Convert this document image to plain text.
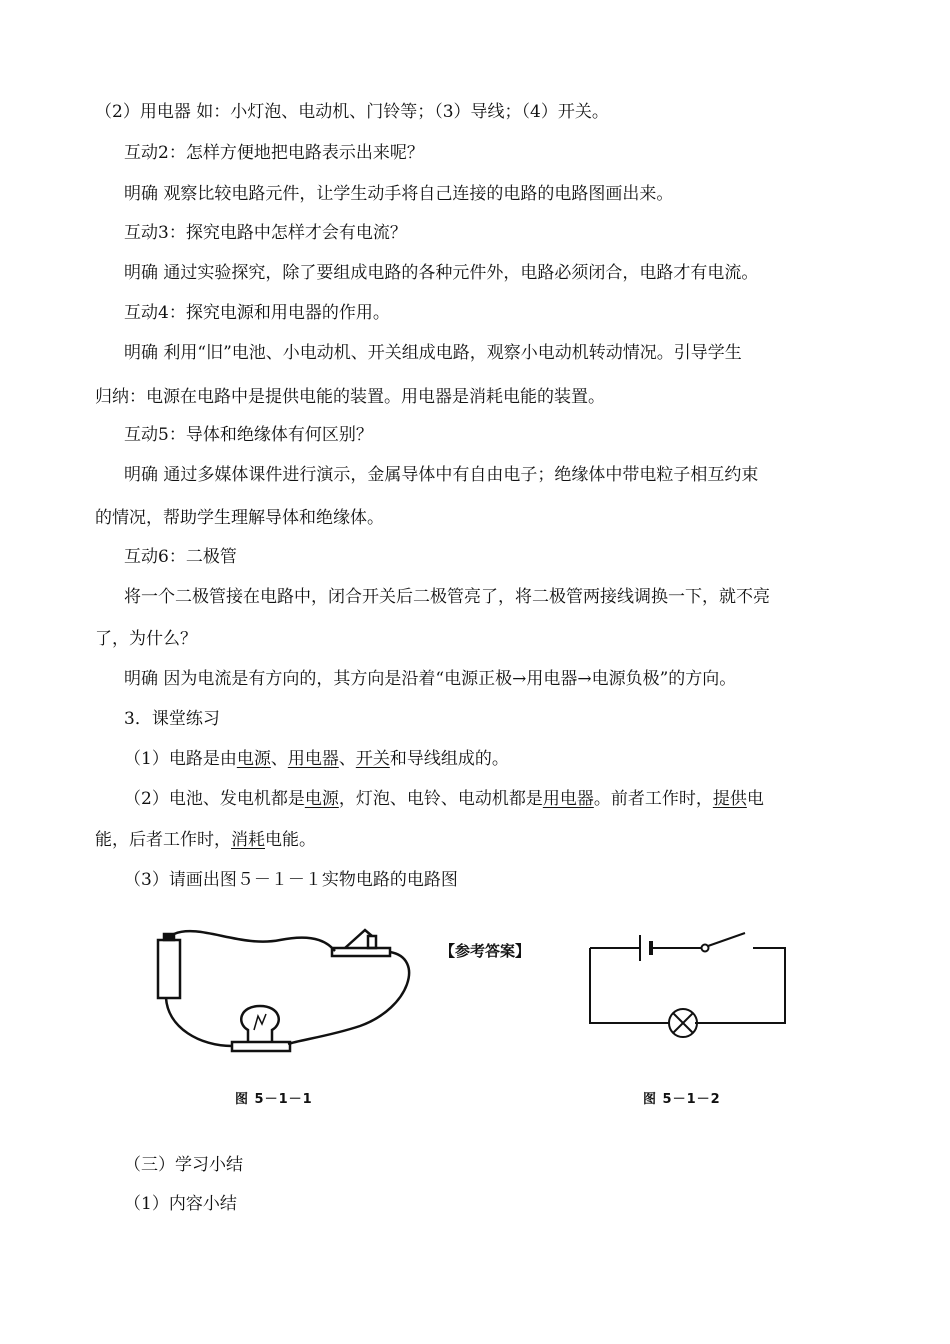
（2）用电器 如：小灯泡、电动机、门铃等；（3）导线；（4）开关。
互动2：怎样方便地把电路表示出来呢？
明确 观察比较电路元件，让学生动手将自己连接的电路的电路图画出来。
互动3：探究电路中怎样才会有电流？
明确 通过实验探究，除了要组成电路的各种元件外，电路必须闭合，电路才有电流。
互动4：探究电源和用电器的作用。
明确 利用“旧”电池、小电动机、开关组成电路，观察小电动机转动情况。引导学生
归纳：电源在电路中是提供电能的装置。用电器是消耗电能的装置。
互动5：导体和绝缘体有何区别？
明确 通过多媒体课件进行演示，金属导体中有自由电子；绝缘体中带电粒子相互约束
的情况，帮助学生理解导体和绝缘体。
互动6：二极管
将一个二极管接在电路中，闭合开关后二极管亮了，将二极管两接线调换一下，就不亮
了，为什么？
明确 因为电流是有方向的，其方向是沿着“电源正极→用电器→电源负极”的方向。
3．课堂练习
（1）电路是由电源、用电器、开关和导线组成的。
（2）电池、发电机都是电源，灯泡、电铃、电动机都是用电器。前者工作时，提供电
能，后者工作时，消耗电能。
（3）请画出图５－１－１实物电路的电路图
图 5－1－1
【参考答案】
图 5－1－2
（三）学习小结
（1）内容小结
